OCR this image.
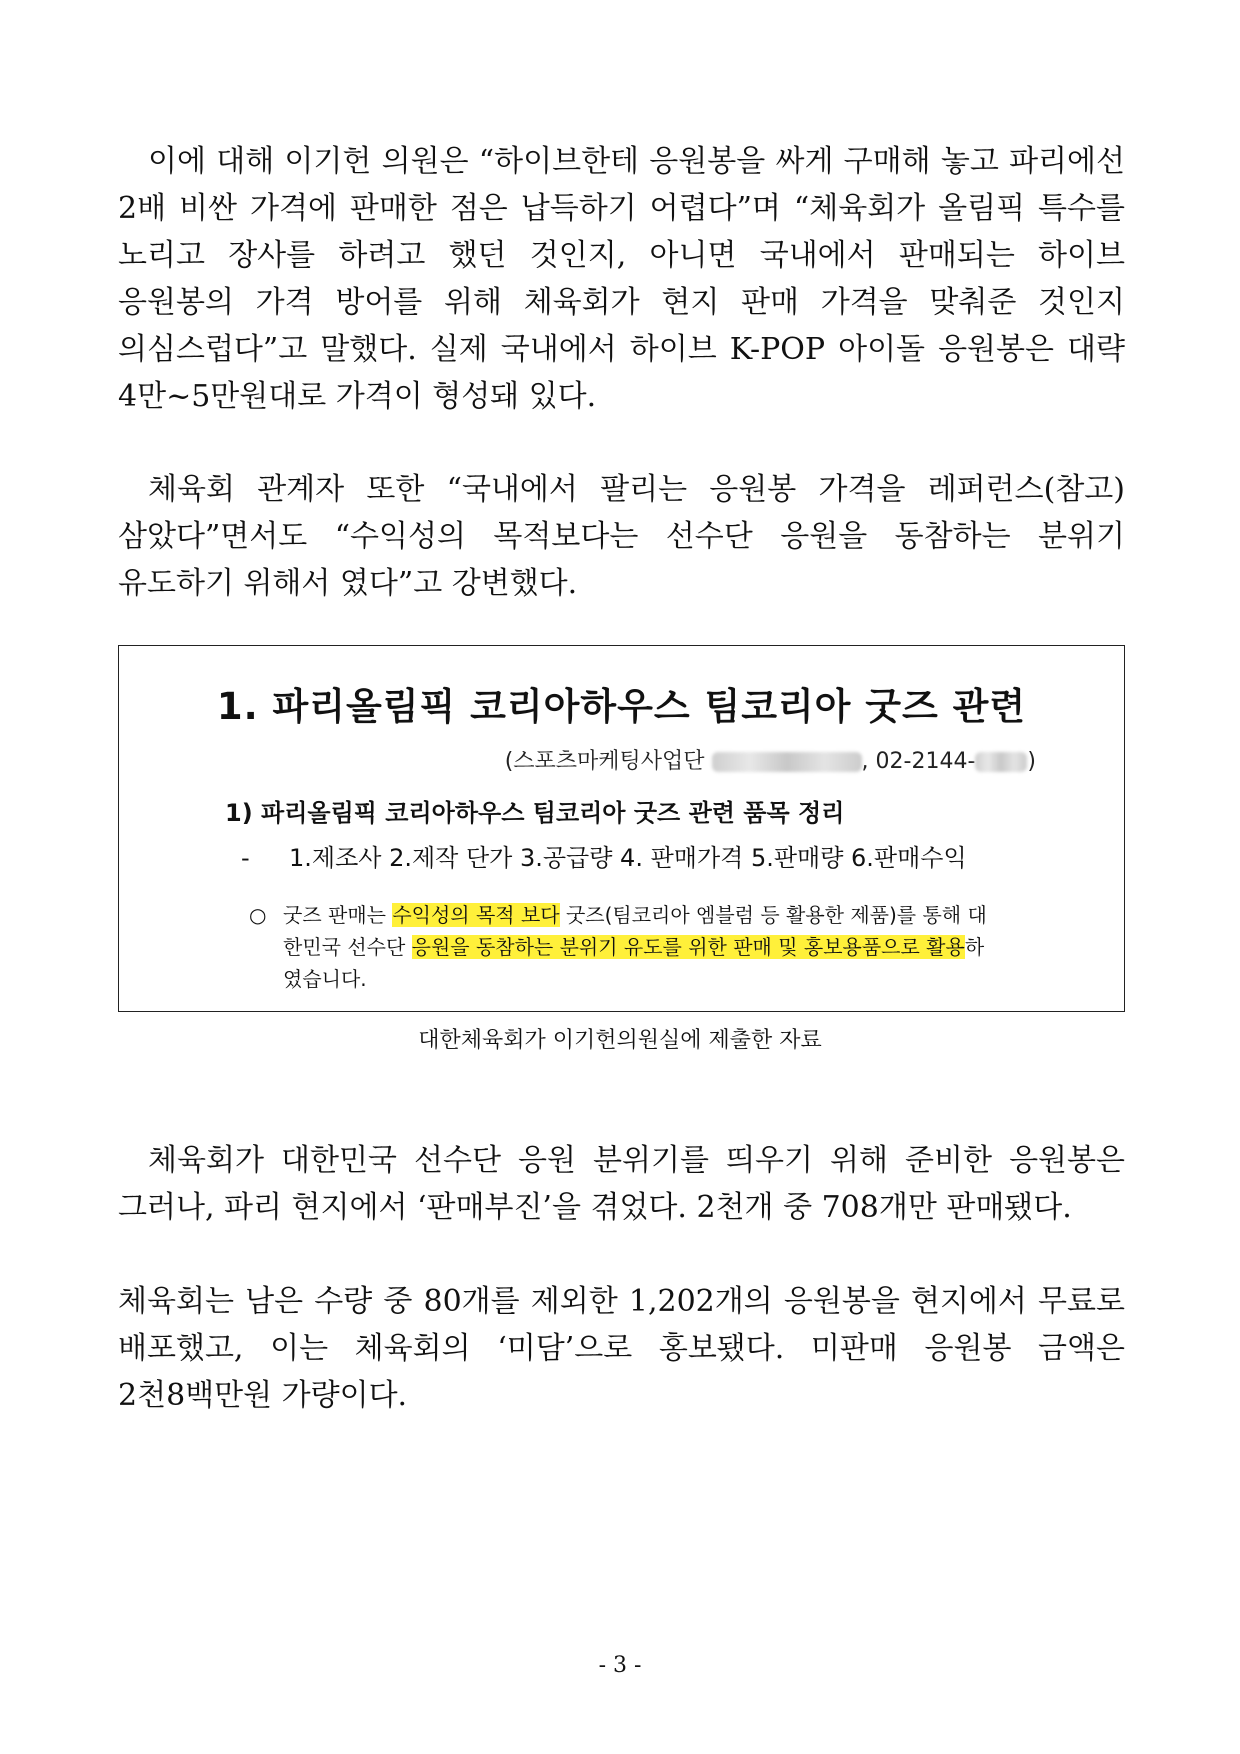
이에 대해 이기헌 의원은 “하이브한테 응원봉을 싸게 구매해 놓고 파리에선 2배 비싼 가격에 판매한 점은 납득하기 어렵다”며 “체육회가 올림픽 특수를 노리고 장사를 하려고 했던 것인지, 아니면 국내에서 판매되는 하이브 응원봉의 가격 방어를 위해 체육회가 현지 판매 가격을 맞춰준 것인지 의심스럽다”고 말했다. 실제 국내에서 하이브 K-POP 아이돌 응원봉은 대략 4만~5만원대로 가격이 형성돼 있다.

체육회 관계자 또한 “국내에서 팔리는 응원봉 가격을 레퍼런스(참고) 삼았다”면서도 “수익성의 목적보다는 선수단 응원을 동참하는 분위기 유도하기 위해서 였다”고 강변했다.

1. 파리올림픽 코리아하우스 팀코리아 굿즈 관련
(스포츠마케팅사업단	, 02-2144- )
1) 파리올림픽 코리아하우스 팀코리아 굿즈 관련 품목 정리
- 1.제조사 2.제작 단가 3.공급량 4. 판매가격 5.판매량 6.판매수익
○ 굿즈 판매는 수익성의 목적 보다 굿즈(팀코리아 엠블럼 등 활용한 제품)를 통해 대
한민국 선수단 응원을 동참하는 분위기 유도를 위한 판매 및 홍보용품으로 활용하
였습니다.
대한체육회가 이기헌의원실에 제출한 자료

체육회가 대한민국 선수단 응원 분위기를 띄우기 위해 준비한 응원봉은 그러나, 파리 현지에서 ‘판매부진’을 겪었다. 2천개 중 708개만 판매됐다.

체육회는 남은 수량 중 80개를 제외한 1,202개의 응원봉을 현지에서 무료로 배포했고, 이는 체육회의 ‘미담’으로 홍보됐다. 미판매 응원봉 금액은 2천8백만원 가량이다.

- 3 -
